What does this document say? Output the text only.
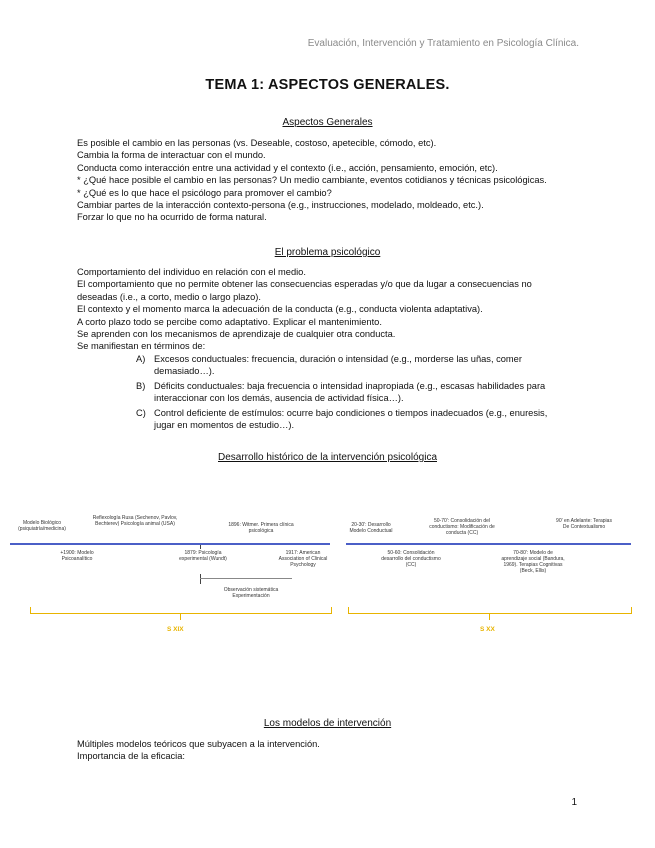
Evaluación, Intervención y Tratamiento en Psicología Clínica.
TEMA 1: ASPECTOS GENERALES.
Aspectos Generales
Es posible el cambio en las personas (vs. Deseable, costoso, apetecible, cómodo, etc).
Cambia la forma de interactuar con el mundo.
Conducta como interacción entre una actividad y el contexto (i.e., acción, pensamiento, emoción, etc).
* ¿Qué hace posible el cambio en las personas? Un medio cambiante, eventos cotidianos y técnicas psicológicas.
* ¿Qué es lo que hace el psicólogo para promover el cambio?
Cambiar partes de la interacción contexto-persona (e.g., instrucciones, modelado, moldeado, etc.).
Forzar lo que no ha ocurrido de forma natural.
El problema psicológico
Comportamiento del individuo en relación con el medio.
El comportamiento que no permite obtener las consecuencias esperadas y/o que da lugar a consecuencias no deseadas (i.e., a corto, medio o largo plazo).
El contexto y el momento marca la adecuación de la conducta (e.g., conducta violenta adaptativa).
A corto plazo todo se percibe como adaptativo. Explicar el mantenimiento.
Se aprenden con los mecanismos de aprendizaje de cualquier otra conducta.
Se manifiestan en términos de:
A) Excesos conductuales: frecuencia, duración o intensidad (e.g., morderse las uñas, comer demasiado…).
B) Déficits conductuales: baja frecuencia o intensidad inapropiada (e.g., escasas habilidades para interaccionar con los demás, ausencia de actividad física…).
C) Control deficiente de estímulos: ocurre bajo condiciones o tiempos inadecuados (e.g., enuresis, jugar en momentos de estudio…).
Desarrollo histórico de la intervención psicológica
Modelo Biológico (psiquiatría/medicina)
Reflexología Rusa (Sechenov, Pavlov, Bechterev) Psicología animal (USA)	1896: Witmer. Primera clínica psicológica
+1900: Modelo Psicoanalítico
1879: Psicología experimental (Wundt)
1917: American Association of Clinical Psychology
Observación sistemática Experimentación
S XIX
20-30': Desarrollo Modelo Conductual
50-70': Consolidación del conductismo: Modificación de conducta (CC)
90' en Adelante: Terapias De Contextualismo
50-60: Consolidación desarrollo del conductismo (CC)
70-80': Modelo de aprendizaje social (Bandura, 1969). Terapias Cognitivas (Beck, Ellis)
S XX
Los modelos de intervención
Múltiples modelos teóricos que subyacen a la intervención.
Importancia de la eficacia:
1
